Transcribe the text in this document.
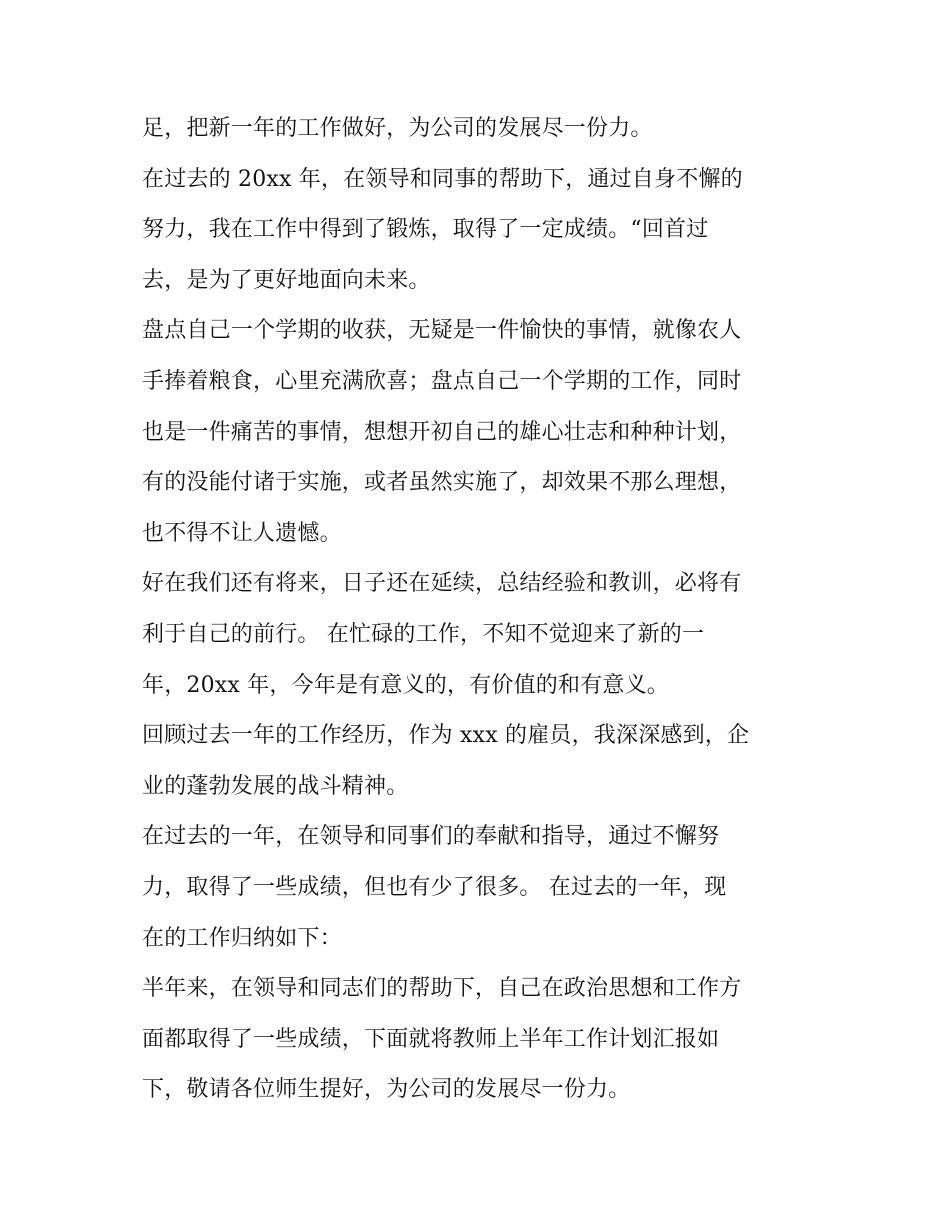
足，把新一年的工作做好，为公司的发展尽一份力。
在过去的 20xx 年，在领导和同事的帮助下，通过自身不懈的
努力，我在工作中得到了锻炼，取得了一定成绩。“回首过
去，是为了更好地面向未来。
盘点自己一个学期的收获，无疑是一件愉快的事情，就像农人
手捧着粮食，心里充满欣喜；盘点自己一个学期的工作，同时
也是一件痛苦的事情，想想开初自己的雄心壮志和种种计划，
有的没能付诸于实施，或者虽然实施了，却效果不那么理想，
也不得不让人遗憾。
好在我们还有将来，日子还在延续，总结经验和教训，必将有
利于自己的前行。 在忙碌的工作，不知不觉迎来了新的一
年，20xx 年，今年是有意义的，有价值的和有意义。
回顾过去一年的工作经历，作为 xxx 的雇员，我深深感到，企
业的蓬勃发展的战斗精神。
在过去的一年，在领导和同事们的奉献和指导，通过不懈努
力，取得了一些成绩，但也有少了很多。 在过去的一年，现
在的工作归纳如下：
半年来，在领导和同志们的帮助下，自己在政治思想和工作方
面都取得了一些成绩，下面就将教师上半年工作计划汇报如
下，敬请各位师生提好，为公司的发展尽一份力。
